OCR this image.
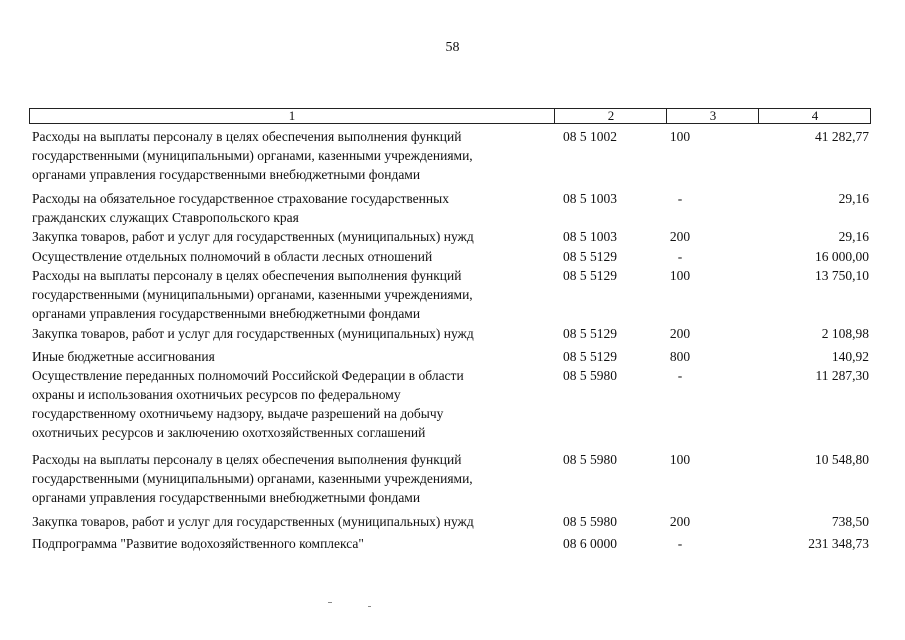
58
1	2	3	4
Расходы на выплаты персоналу в целях обеспечения выполнения функций
государственными (муниципальными) органами, казенными учреждениями,
органами управления государственными внебюджетными фондами
08 5 1002	100	41 282,77
Расходы на обязательное государственное страхование государственных
гражданских служащих Ставропольского края
08 5 1003	-	29,16
Закупка товаров, работ и услуг для государственных (муниципальных) нужд	08 5 1003	200	29,16
Осуществление отдельных полномочий в области лесных отношений	08 5 5129	-	16 000,00
Расходы на выплаты персоналу в целях обеспечения выполнения функций
государственными (муниципальными) органами, казенными учреждениями,
органами управления государственными внебюджетными фондами
08 5 5129	100	13 750,10
Закупка товаров, работ и услуг для государственных (муниципальных) нужд	08 5 5129	200	2 108,98
Иные бюджетные ассигнования	08 5 5129	800	140,92
Осуществление переданных полномочий Российской Федерации в области
охраны и использования охотничьих ресурсов по федеральному
государственному охотничьему надзору, выдаче разрешений на добычу
охотничьих ресурсов и заключению охотхозяйственных соглашений
08 5 5980	-	11 287,30
Расходы на выплаты персоналу в целях обеспечения выполнения функций
государственными (муниципальными) органами, казенными учреждениями,
органами управления государственными внебюджетными фондами
08 5 5980	100	10 548,80
Закупка товаров, работ и услуг для государственных (муниципальных) нужд	08 5 5980	200	738,50
Подпрограмма "Развитие водохозяйственного комплекса"	08 6 0000	-	231 348,73
